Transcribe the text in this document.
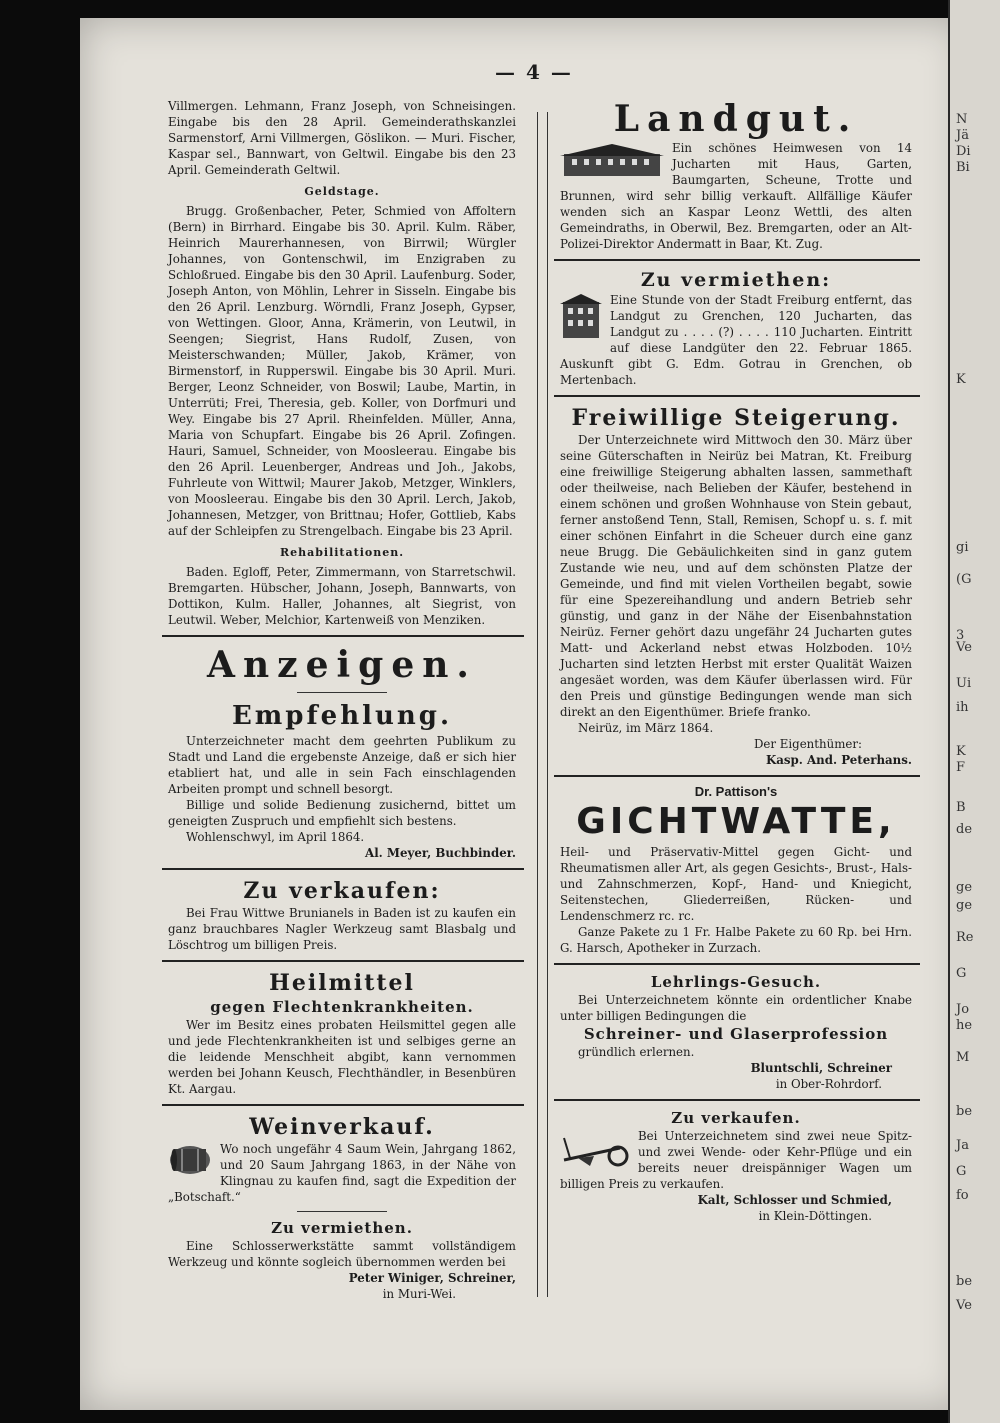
N
Jä
Di
Bi
K
gi
(G
3
Ve
Ui
ih
K
F
B
de
ge
ge
Re
G
Jo
he
M
be
Ja
G
fo
be
Ve
— 4 —

Villmergen. Lehmann, Franz Joseph, von Schneisingen. Eingabe bis den 28 April. Gemeinderathskanzlei Sarmenstorf, Arni Villmergen, Göslikon. — Muri. Fischer, Kaspar sel., Bannwart, von Geltwil. Eingabe bis den 23 April. Gemeinderath Geltwil.

Geldstage.

Brugg. Großenbacher, Peter, Schmied von Affoltern (Bern) in Birrhard. Eingabe bis 30. April. Kulm. Räber, Heinrich Maurerhannesen, von Birrwil; Würgler Johannes, von Gontenschwil, im Enzigraben zu Schloßrued. Eingabe bis den 30 April. Laufenburg. Soder, Joseph Anton, von Möhlin, Lehrer in Sisseln. Eingabe bis den 26 April. Lenzburg. Wörndli, Franz Joseph, Gypser, von Wettingen. Gloor, Anna, Krämerin, von Leutwil, in Seengen; Siegrist, Hans Rudolf, Zusen, von Meisterschwanden; Müller, Jakob, Krämer, von Birmenstorf, in Rupperswil. Eingabe bis 30 April. Muri. Berger, Leonz Schneider, von Boswil; Laube, Martin, in Unterrüti; Frei, Theresia, geb. Koller, von Dorfmuri und Wey. Eingabe bis 27 April. Rheinfelden. Müller, Anna, Maria von Schupfart. Eingabe bis 26 April. Zofingen. Hauri, Samuel, Schneider, von Moosleerau. Eingabe bis den 26 April. Leuenberger, Andreas und Joh., Jakobs, Fuhrleute von Wittwil; Maurer Jakob, Metzger, Winklers, von Moosleerau. Eingabe bis den 30 April. Lerch, Jakob, Johannesen, Metzger, von Brittnau; Hofer, Gottlieb, Kabs auf der Schleipfen zu Strengelbach. Eingabe bis 23 April.

Rehabilitationen.

Baden. Egloff, Peter, Zimmermann, von Starretschwil. Bremgarten. Hübscher, Johann, Joseph, Bannwarts, von Dottikon, Kulm. Haller, Johannes, alt Siegrist, von Leutwil. Weber, Melchior, Kartenweiß von Menziken.

Anzeigen.
Empfehlung.

Unterzeichneter macht dem geehrten Publikum zu Stadt und Land die ergebenste Anzeige, daß er sich hier etabliert hat, und alle in sein Fach einschlagenden Arbeiten prompt und schnell besorgt.

Billige und solide Bedienung zusichernd, bittet um geneigten Zuspruch und empfiehlt sich bestens.

Wohlenschwyl, im April 1864.

Al. Meyer, Buchbinder.

Zu verkaufen:

Bei Frau Wittwe Brunianels in Baden ist zu kaufen ein ganz brauchbares Nagler Werkzeug samt Blasbalg und Löschtrog um billigen Preis.

Heilmittel
gegen Flechtenkrankheiten.

Wer im Besitz eines probaten Heilsmittel gegen alle und jede Flechtenkrankheiten ist und selbiges gerne an die leidende Menschheit abgibt, kann vernommen werden bei Johann Keusch, Flechthändler, in Besenbüren Kt. Aargau.

Weinverkauf.

Wo noch ungefähr 4 Saum Wein, Jahrgang 1862, und 20 Saum Jahrgang 1863, in der Nähe von Klingnau zu kaufen find, sagt die Expedition der „Botschaft.“

Zu vermiethen.

Eine Schlosserwerkstätte sammt vollständigem Werkzeug und könnte sogleich übernommen werden bei

Peter Winiger, Schreiner,

in Muri-Wei.

Landgut.

Ein schönes Heimwesen von 14 Jucharten mit Haus, Garten, Baumgarten, Scheune, Trotte und Brunnen, wird sehr billig verkauft. Allfällige Käufer wenden sich an Kaspar Leonz Wettli, des alten Gemeindraths, in Oberwil, Bez. Bremgarten, oder an Alt-Polizei-Direktor Andermatt in Baar, Kt. Zug.

Zu vermiethen:

Eine Stunde von der Stadt Freiburg entfernt, das Landgut zu Grenchen, 120 Jucharten, das Landgut zu . . . . (?) . . . . 110 Jucharten. Eintritt auf diese Landgüter den 22. Februar 1865. Auskunft gibt G. Edm. Gotrau in Grenchen, ob Mertenbach.

Freiwillige Steigerung.

Der Unterzeichnete wird Mittwoch den 30. März über seine Güterschaften in Neirüz bei Matran, Kt. Freiburg eine freiwillige Steigerung abhalten lassen, sammethaft oder theilweise, nach Belieben der Käufer, bestehend in einem schönen und großen Wohnhause von Stein gebaut, ferner anstoßend Tenn, Stall, Remisen, Schopf u. s. f. mit einer schönen Einfahrt in die Scheuer durch eine ganz neue Brugg. Die Gebäulichkeiten sind in ganz gutem Zustande wie neu, und auf dem schönsten Platze der Gemeinde, und find mit vielen Vortheilen begabt, sowie für eine Spezereihandlung und andern Betrieb sehr günstig, und ganz in der Nähe der Eisenbahnstation Neirüz. Ferner gehört dazu ungefähr 24 Jucharten gutes Matt- und Ackerland nebst etwas Holzboden. 10½ Jucharten sind letzten Herbst mit erster Qualität Waizen angesäet worden, was dem Käufer überlassen wird. Für den Preis und günstige Bedingungen wende man sich direkt an den Eigenthümer. Briefe franko.

Neirüz, im März 1864.

Der Eigenthümer:

Kasp. And. Peterhans.

Dr. Pattison's
GICHTWATTE,

Heil- und Präservativ-Mittel gegen Gicht- und Rheumatismen aller Art, als gegen Gesichts-, Brust-, Hals- und Zahnschmerzen, Kopf-, Hand- und Kniegicht, Seitenstechen, Gliederreißen, Rücken- und Lendenschmerz rc. rc.

Ganze Pakete zu 1 Fr. Halbe Pakete zu 60 Rp. bei Hrn. G. Harsch, Apotheker in Zurzach.

Lehrlings-Gesuch.

Bei Unterzeichnetem könnte ein ordentlicher Knabe unter billigen Bedingungen die

Schreiner- und Glaserprofession

gründlich erlernen.

Bluntschli, Schreiner

in Ober-Rohrdorf.

Zu verkaufen.

Bei Unterzeichnetem sind zwei neue Spitz- und zwei Wende- oder Kehr-Pflüge und ein bereits neuer dreispänniger Wagen um billigen Preis zu verkaufen.

Kalt, Schlosser und Schmied,

in Klein-Döttingen.
